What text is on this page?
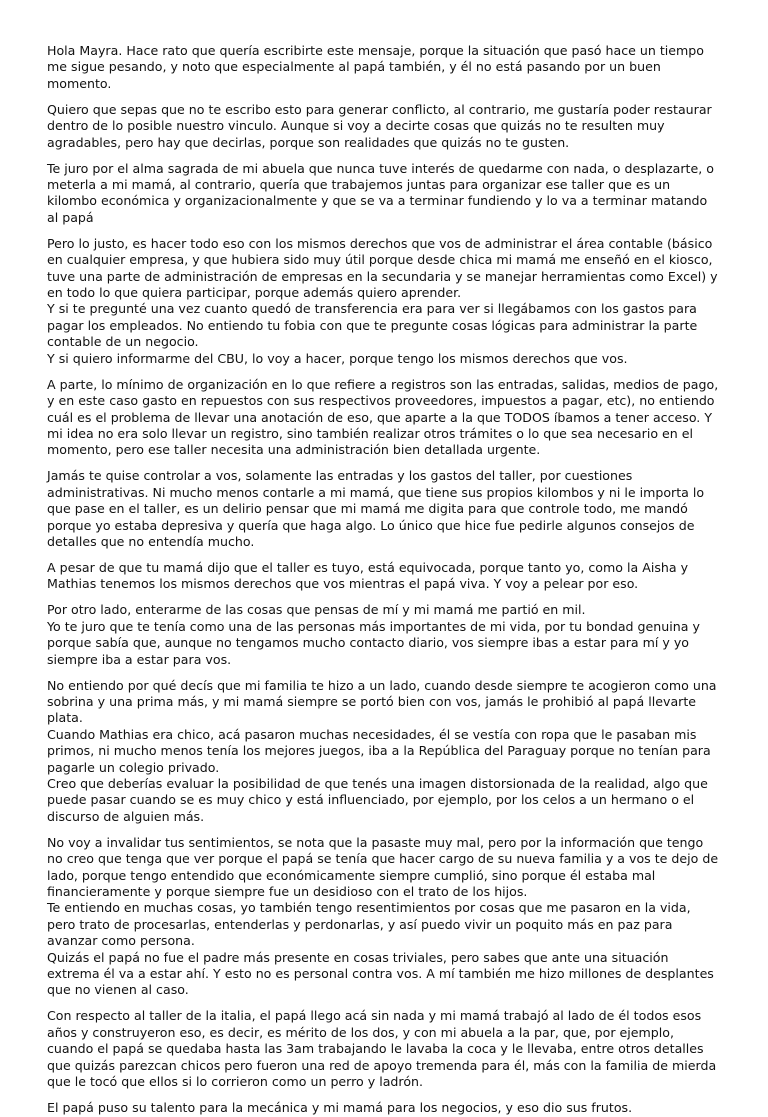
Hola Mayra. Hace rato que quería escribirte este mensaje, porque la situación que pasó hace un tiempo me sigue pesando, y noto que especialmente al papá también, y él no está pasando por un buen momento.

Quiero que sepas que no te escribo esto para generar conflicto, al contrario, me gustaría poder restaurar dentro de lo posible nuestro vinculo. Aunque si voy a decirte cosas que quizás no te resulten muy agradables, pero hay que decirlas, porque son realidades que quizás no te gusten.

Te juro por el alma sagrada de mi abuela que nunca tuve interés de quedarme con nada, o desplazarte, o meterla a mi mamá, al contrario, quería que trabajemos juntas para organizar ese taller que es un kilombo económica y organizacionalmente y que se va a terminar fundiendo y lo va a terminar matando al papá

Pero lo justo, es hacer todo eso con los mismos derechos que vos de administrar el área contable (básico en cualquier empresa, y que hubiera sido muy útil porque desde chica mi mamá me enseñó en el kiosco, tuve una parte de administración de empresas en la secundaria y se manejar herramientas como Excel) y en todo lo que quiera participar, porque además quiero aprender.
Y si te pregunté una vez cuanto quedó de transferencia era para ver si llegábamos con los gastos para pagar los empleados. No entiendo tu fobia con que te pregunte cosas lógicas para administrar la parte contable de un negocio.
Y si quiero informarme del CBU, lo voy a hacer, porque tengo los mismos derechos que vos.

A parte, lo mínimo de organización en lo que refiere a registros son las entradas, salidas, medios de pago, y en este caso gasto en repuestos con sus respectivos proveedores, impuestos a pagar, etc), no entiendo cuál es el problema de llevar una anotación de eso, que aparte a la que TODOS íbamos a tener acceso. Y mi idea no era solo llevar un registro, sino también realizar otros trámites o lo que sea necesario en el momento, pero ese taller necesita una administración bien detallada urgente.

Jamás te quise controlar a vos, solamente las entradas y los gastos del taller, por cuestiones administrativas. Ni mucho menos contarle a mi mamá, que tiene sus propios kilombos y ni le importa lo que pase en el taller, es un delirio pensar que mi mamá me digita para que controle todo, me mandó porque yo estaba depresiva y quería que haga algo. Lo único que hice fue pedirle algunos consejos de detalles que no entendía mucho.

A pesar de que tu mamá dijo que el taller es tuyo, está equivocada, porque tanto yo, como la Aisha y Mathias tenemos los mismos derechos que vos mientras el papá viva. Y voy a pelear por eso.

Por otro lado, enterarme de las cosas que pensas de mí y mi mamá me partió en mil.
Yo te juro que te tenía como una de las personas más importantes de mi vida, por tu bondad genuina y porque sabía que, aunque no tengamos mucho contacto diario, vos siempre ibas a estar para mí y yo siempre iba a estar para vos.

No entiendo por qué decís que mi familia te hizo a un lado, cuando desde siempre te acogieron como una sobrina y una prima más, y mi mamá siempre se portó bien con vos, jamás le prohibió al papá llevarte plata.
Cuando Mathias era chico, acá pasaron muchas necesidades, él se vestía con ropa que le pasaban mis primos, ni mucho menos tenía los mejores juegos, iba a la República del Paraguay porque no tenían para pagarle un colegio privado.
Creo que deberías evaluar la posibilidad de que tenés una imagen distorsionada de la realidad, algo que puede pasar cuando se es muy chico y está influenciado, por ejemplo, por los celos a un hermano o el discurso de alguien más.

No voy a invalidar tus sentimientos, se nota que la pasaste muy mal, pero por la información que tengo no creo que tenga que ver porque el papá se tenía que hacer cargo de su nueva familia y a vos te dejo de lado, porque tengo entendido que económicamente siempre cumplió, sino porque él estaba mal financieramente y porque siempre fue un desidioso con el trato de los hijos.
Te entiendo en muchas cosas, yo también tengo resentimientos por cosas que me pasaron en la vida, pero trato de procesarlas, entenderlas y perdonarlas, y así puedo vivir un poquito más en paz para avanzar como persona.
Quizás el papá no fue el padre más presente en cosas triviales, pero sabes que ante una situación extrema él va a estar ahí. Y esto no es personal contra vos. A mí también me hizo millones de desplantes que no vienen al caso.

Con respecto al taller de la italia, el papá llego acá sin nada y mi mamá trabajó al lado de él todos esos años y construyeron eso, es decir, es mérito de los dos, y con mi abuela a la par, que, por ejemplo, cuando el papá se quedaba hasta las 3am trabajando le lavaba la coca y le llevaba, entre otros detalles que quizás parezcan chicos pero fueron una red de apoyo tremenda para él, más con la familia de mierda que le tocó que ellos si lo corrieron como un perro y ladrón.

El papá puso su talento para la mecánica y mi mamá para los negocios, y eso dio sus frutos.
